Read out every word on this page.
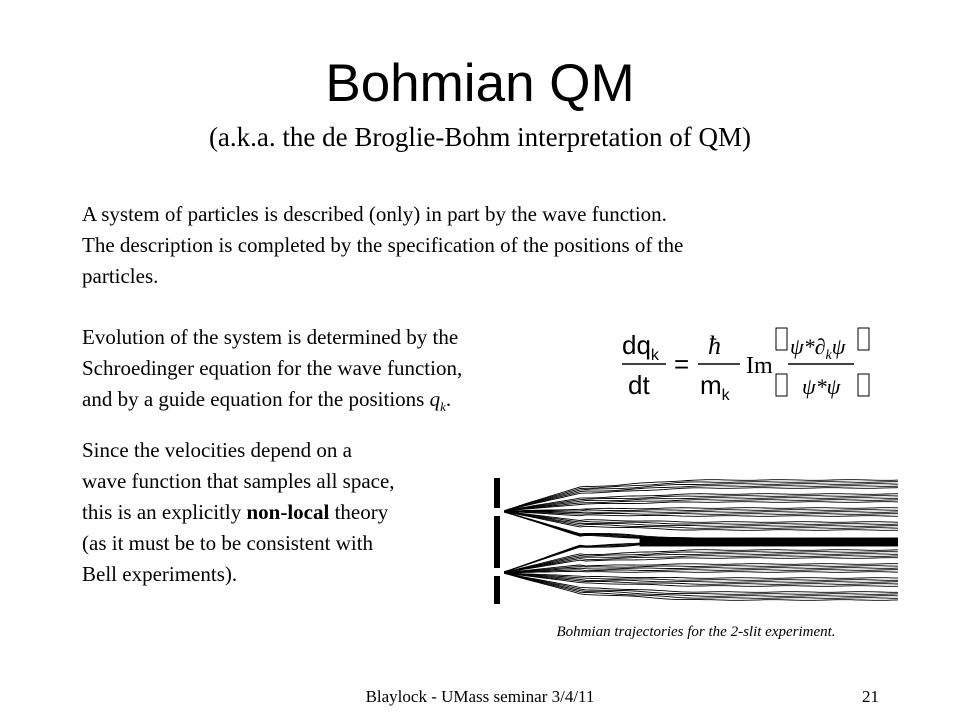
Bohmian QM
(a.k.a. the de Broglie-Bohm interpretation of QM)
A system of particles is described (only) in part by the wave function.
The description is completed by the specification of the positions of the
particles.
Evolution of the system is determined by the
Schroedinger equation for the wave function,
and by a guide equation for the positions $q_k$.
$dq_k$
dt
=
ħ
$m_k$
Im
$\psi*\partial_k\psi$
ψ*ψ
Since the velocities depend on a
wave function that samples all space,
this is an explicitly non-local theory
(as it must be to be consistent with
Bell experiments).
Bohmian trajectories for the 2-slit experiment.
Blaylock - UMass seminar 3/4/11	21
